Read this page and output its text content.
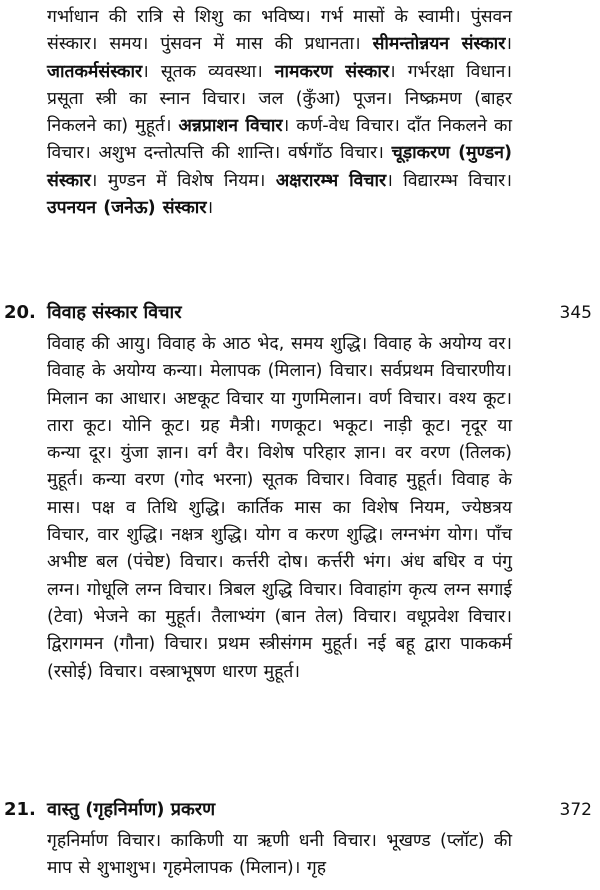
गर्भाधान की रात्रि से शिशु का भविष्य। गर्भ मासों के स्वामी। पुंसवन संस्कार। समय। पुंसवन में मास की प्रधानता। सीमन्तोन्नयन संस्कार। जातकर्मसंस्कार। सूतक व्यवस्था। नामकरण संस्कार। गर्भरक्षा विधान। प्रसूता स्त्री का स्नान विचार। जल (कुँआ) पूजन। निष्क्रमण (बाहर निकलने का) मुहूर्त। अन्नप्राशन विचार। कर्ण-वेध विचार। दाँत निकलने का विचार। अशुभ दन्तोत्पत्ति की शान्ति। वर्षगाँठ विचार। चूड़ाकरण (मुण्डन) संस्कार। मुण्डन में विशेष नियम। अक्षरारम्भ विचार। विद्यारम्भ विचार। उपनयन (जनेऊ) संस्कार।

20. विवाह संस्कार विचार	345

विवाह की आयु। विवाह के आठ भेद, समय शुद्धि। विवाह के अयोग्य वर। विवाह के अयोग्य कन्या। मेलापक (मिलान) विचार। सर्वप्रथम विचारणीय। मिलान का आधार। अष्टकूट विचार या गुणमिलान। वर्ण विचार। वश्य कूट। तारा कूट। योनि कूट। ग्रह मैत्री। गणकूट। भकूट। नाड़ी कूट। नृदूर या कन्या दूर। युंजा ज्ञान। वर्ग वैर। विशेष परिहार ज्ञान। वर वरण (तिलक) मुहूर्त। कन्या वरण (गोद भरना) सूतक विचार। विवाह मुहूर्त। विवाह के मास। पक्ष व तिथि शुद्धि। कार्तिक मास का विशेष नियम, ज्येष्ठत्रय विचार, वार शुद्धि। नक्षत्र शुद्धि। योग व करण शुद्धि। लग्नभंग योग। पाँच अभीष्ट बल (पंचेष्ट) विचार। कर्त्तरी दोष। कर्त्तरी भंग। अंध बधिर व पंगु लग्न। गोधूलि लग्न विचार। त्रिबल शुद्धि विचार। विवाहांग कृत्य लग्न सगाई (टेवा) भेजने का मुहूर्त। तैलाभ्यंग (बान तेल) विचार। वधूप्रवेश विचार। द्विरागमन (गौना) विचार। प्रथम स्त्रीसंगम मुहूर्त। नई बहू द्वारा पाककर्म (रसोई) विचार। वस्त्राभूषण धारण मुहूर्त।

21. वास्तु (गृहनिर्माण) प्रकरण	372

गृहनिर्माण विचार। काकिणी या ऋणी धनी विचार। भूखण्ड (प्लॉट) की माप से शुभाशुभ। गृहमेलापक (मिलान)। गृह
